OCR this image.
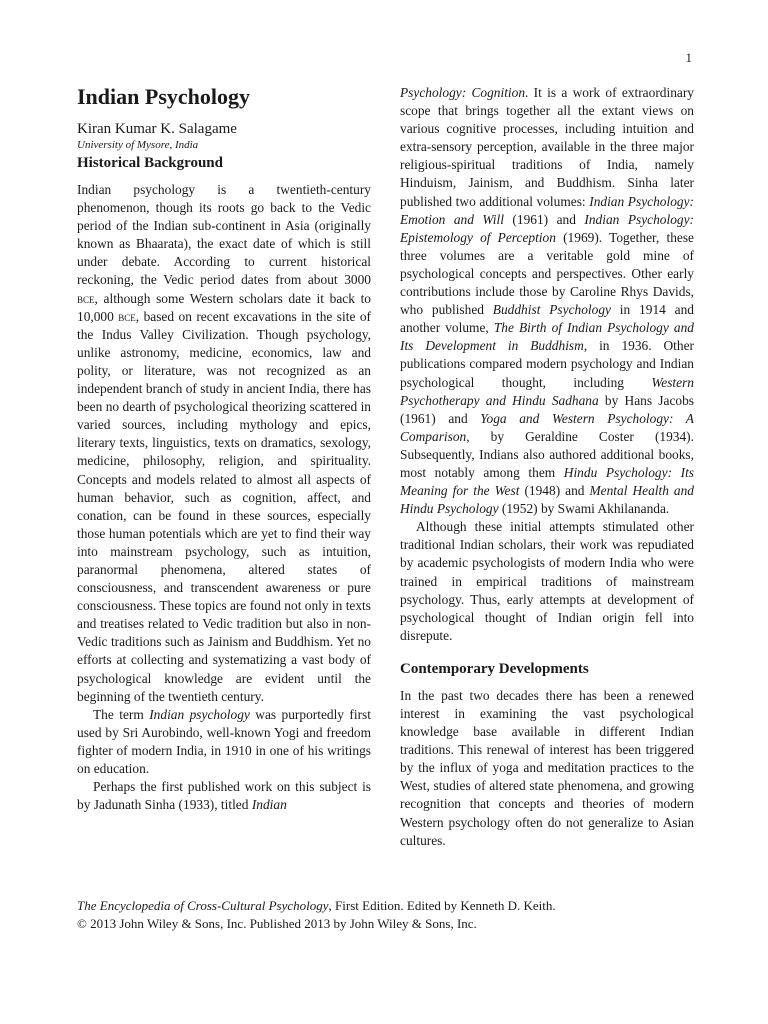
1
Indian Psychology

Kiran Kumar K. Salagame

University of Mysore, India

Historical Background

Indian psychology is a twentieth-century phenomenon, though its roots go back to the Vedic period of the Indian sub-continent in Asia (originally known as Bhaarata), the exact date of which is still under debate. According to current historical reckoning, the Vedic period dates from about 3000 bce, although some Western scholars date it back to 10,000 bce, based on recent excavations in the site of the Indus Valley Civilization. Though psychology, unlike astronomy, medicine, economics, law and polity, or literature, was not recognized as an independent branch of study in ancient India, there has been no dearth of psychological theorizing scattered in varied sources, including mythology and epics, literary texts, linguistics, texts on dramatics, sexology, medicine, philosophy, religion, and spirituality. Concepts and models related to almost all aspects of human behavior, such as cognition, affect, and conation, can be found in these sources, especially those human potentials which are yet to find their way into mainstream psychology, such as intuition, paranormal phenomena, altered states of consciousness, and transcendent awareness or pure consciousness. These topics are found not only in texts and treatises related to Vedic tradition but also in non-Vedic traditions such as Jainism and Buddhism. Yet no efforts at collecting and systematizing a vast body of psychological knowledge are evident until the beginning of the twentieth century.

The term Indian psychology was purportedly first used by Sri Aurobindo, well-known Yogi and freedom fighter of modern India, in 1910 in one of his writings on education.

Perhaps the first published work on this subject is by Jadunath Sinha (1933), titled Indian

Psychology: Cognition. It is a work of extraordinary scope that brings together all the extant views on various cognitive processes, including intuition and extra-sensory perception, available in the three major religious-spiritual traditions of India, namely Hinduism, Jainism, and Buddhism. Sinha later published two additional volumes: Indian Psychology: Emotion and Will (1961) and Indian Psychology: Epistemology of Perception (1969). Together, these three volumes are a veritable gold mine of psychological concepts and perspectives. Other early contributions include those by Caroline Rhys Davids, who published Buddhist Psychology in 1914 and another volume, The Birth of Indian Psychology and Its Development in Buddhism, in 1936. Other publications compared modern psychology and Indian psychological thought, including Western Psychotherapy and Hindu Sadhana by Hans Jacobs (1961) and Yoga and Western Psychology: A Comparison, by Geraldine Coster (1934). Subsequently, Indians also authored additional books, most notably among them Hindu Psychology: Its Meaning for the West (1948) and Mental Health and Hindu Psychology (1952) by Swami Akhilananda.

Although these initial attempts stimulated other traditional Indian scholars, their work was repudiated by academic psychologists of modern India who were trained in empirical traditions of mainstream psychology. Thus, early attempts at development of psychological thought of Indian origin fell into disrepute.

Contemporary Developments

In the past two decades there has been a renewed interest in examining the vast psychological knowledge base available in different Indian traditions. This renewal of interest has been triggered by the influx of yoga and meditation practices to the West, studies of altered state phenomena, and growing recognition that concepts and theories of modern Western psychology often do not generalize to Asian cultures.

The Encyclopedia of Cross-Cultural Psychology, First Edition. Edited by Kenneth D. Keith.
© 2013 John Wiley & Sons, Inc. Published 2013 by John Wiley & Sons, Inc.
